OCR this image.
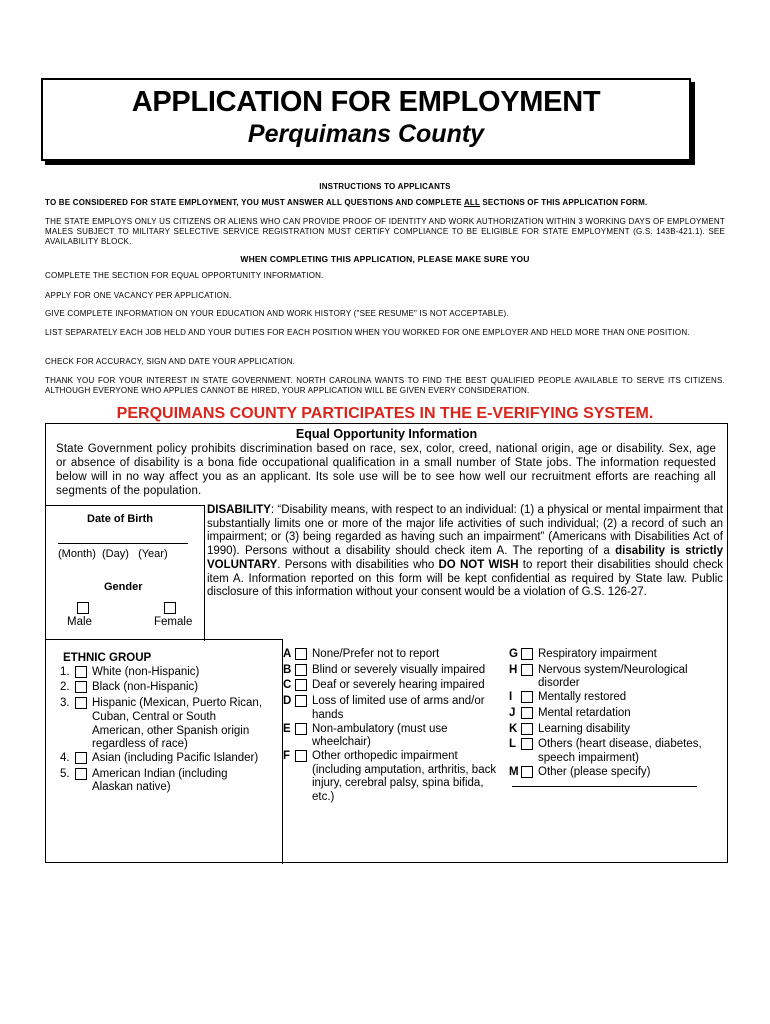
APPLICATION FOR EMPLOYMENT
Perquimans County
INSTRUCTIONS TO APPLICANTS
TO BE CONSIDERED FOR STATE EMPLOYMENT, YOU MUST ANSWER ALL QUESTIONS AND COMPLETE ALL SECTIONS OF THIS APPLICATION FORM.
THE STATE EMPLOYS ONLY US CITIZENS OR ALIENS WHO CAN PROVIDE PROOF OF IDENTITY AND WORK AUTHORIZATION WITHIN 3 WORKING DAYS OF EMPLOYMENT MALES SUBJECT TO MILITARY SELECTIVE SERVICE REGISTRATION MUST CERTIFY COMPLIANCE TO BE ELIGIBLE FOR STATE EMPLOYMENT (G.S. 143B-421.1). SEE AVAILABILITY BLOCK.
WHEN COMPLETING THIS APPLICATION, PLEASE MAKE SURE YOU
COMPLETE THE SECTION FOR EQUAL OPPORTUNITY INFORMATION.
APPLY FOR ONE VACANCY PER APPLICATION.
GIVE COMPLETE INFORMATION ON YOUR EDUCATION AND WORK HISTORY ("SEE RESUME" IS NOT ACCEPTABLE).
LIST SEPARATELY EACH JOB HELD AND YOUR DUTIES FOR EACH POSITION WHEN YOU WORKED FOR ONE EMPLOYER AND HELD MORE THAN ONE POSITION.
CHECK FOR ACCURACY, SIGN AND DATE YOUR APPLICATION.
THANK YOU FOR YOUR INTEREST IN STATE GOVERNMENT. NORTH CAROLINA WANTS TO FIND THE BEST QUALIFIED PEOPLE AVAILABLE TO SERVE ITS CITIZENS. ALTHOUGH EVERYONE WHO APPLIES CANNOT BE HIRED, YOUR APPLICATION WILL BE GIVEN EVERY CONSIDERATION.
PERQUIMANS COUNTY PARTICIPATES IN THE E-VERIFYING SYSTEM.
Equal Opportunity Information
State Government policy prohibits discrimination based on race, sex, color, creed, national origin, age or disability. Sex, age or absence of disability is a bona fide occupational qualification in a small number of State jobs. The information requested below will in no way affect you as an applicant. Its sole use will be to see how well our recruitment efforts are reaching all segments of the population.
Date of Birth
(Month)  (Day)   (Year)
Gender
Male	Female
DISABILITY: “Disability means, with respect to an individual: (1) a physical or mental impairment that substantially limits one or more of the major life activities of such individual; (2) a record of such an impairment; or (3) being regarded as having such an impairment” (Americans with Disabilities Act of 1990). Persons without a disability should check item A. The reporting of a disability is strictly VOLUNTARY. Persons with disabilities who DO NOT WISH to report their disabilities should check item A. Information reported on this form will be kept confidential as required by State law. Public disclosure of this information without your consent would be a violation of G.S. 126-27.
ETHNIC GROUP
1.	White (non-Hispanic)
2.	Black (non-Hispanic)
3.	Hispanic (Mexican, Puerto Rican, Cuban, Central or South American, other Spanish origin regardless of race)
4.	Asian (including Pacific Islander)
5.	American Indian (including Alaskan native)
A	None/Prefer not to report
B	Blind or severely visually impaired
C	Deaf or severely hearing impaired
D	Loss of limited use of arms and/or hands
E	Non-ambulatory (must use wheelchair)
F	Other orthopedic impairment (including amputation, arthritis, back injury, cerebral palsy, spina bifida, etc.)
G Respiratory impairment
H	Nervous system/Neurological disorder
I	Mentally restored
J	Mental retardation
K	Learning disability
L	Others (heart disease, diabetes, speech impairment)
M Other (please specify)
